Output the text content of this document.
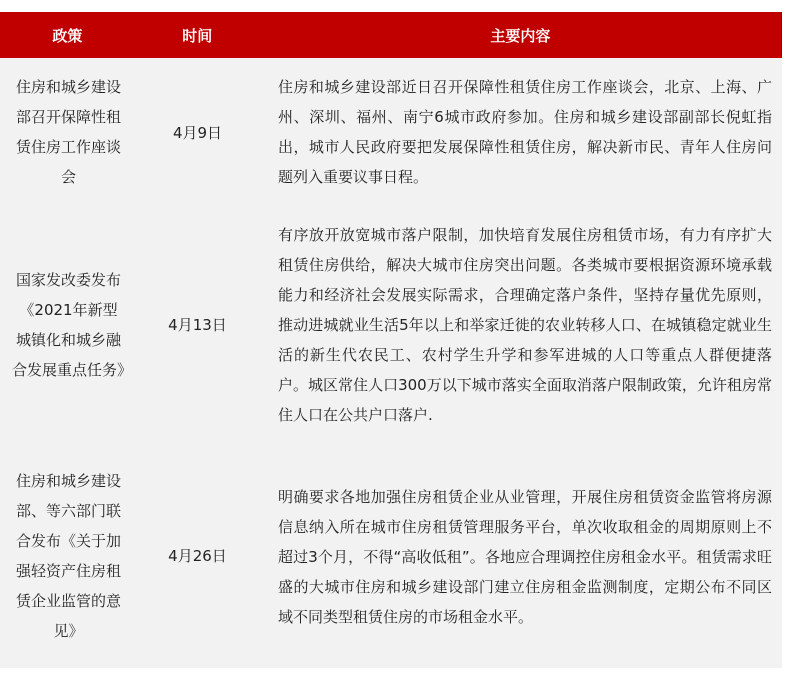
政策	时间	主要内容
住房和城乡建设部召开保障性租赁住房工作座谈会
4月9日
住房和城乡建设部近日召开保障性租赁住房工作座谈会，北京、上海、广州、深圳、福州、南宁6城市政府参加。住房和城乡建设部副部长倪虹指出，城市人民政府要把发展保障性租赁住房，解决新市民、青年人住房问题列入重要议事日程。
国家发改委发布《2021年新型城镇化和城乡融合发展重点任务》
4月13日
有序放开放宽城市落户限制，加快培育发展住房租赁市场，有力有序扩大租赁住房供给，解决大城市住房突出问题。各类城市要根据资源环境承载能力和经济社会发展实际需求，合理确定落户条件，坚持存量优先原则，推动进城就业生活5年以上和举家迁徙的农业转移人口、在城镇稳定就业生活的新生代农民工、农村学生升学和参军进城的人口等重点人群便捷落户。城区常住人口300万以下城市落实全面取消落户限制政策，允许租房常住人口在公共户口落户.
住房和城乡建设部、等六部门联合发布《关于加强轻资产住房租赁企业监管的意见》
4月26日
明确要求各地加强住房租赁企业从业管理，开展住房租赁资金监管将房源信息纳入所在城市住房租赁管理服务平台，单次收取租金的周期原则上不超过3个月，不得“高收低租”。各地应合理调控住房租金水平。租赁需求旺盛的大城市住房和城乡建设部门建立住房租金监测制度，定期公布不同区域不同类型租赁住房的市场租金水平。
